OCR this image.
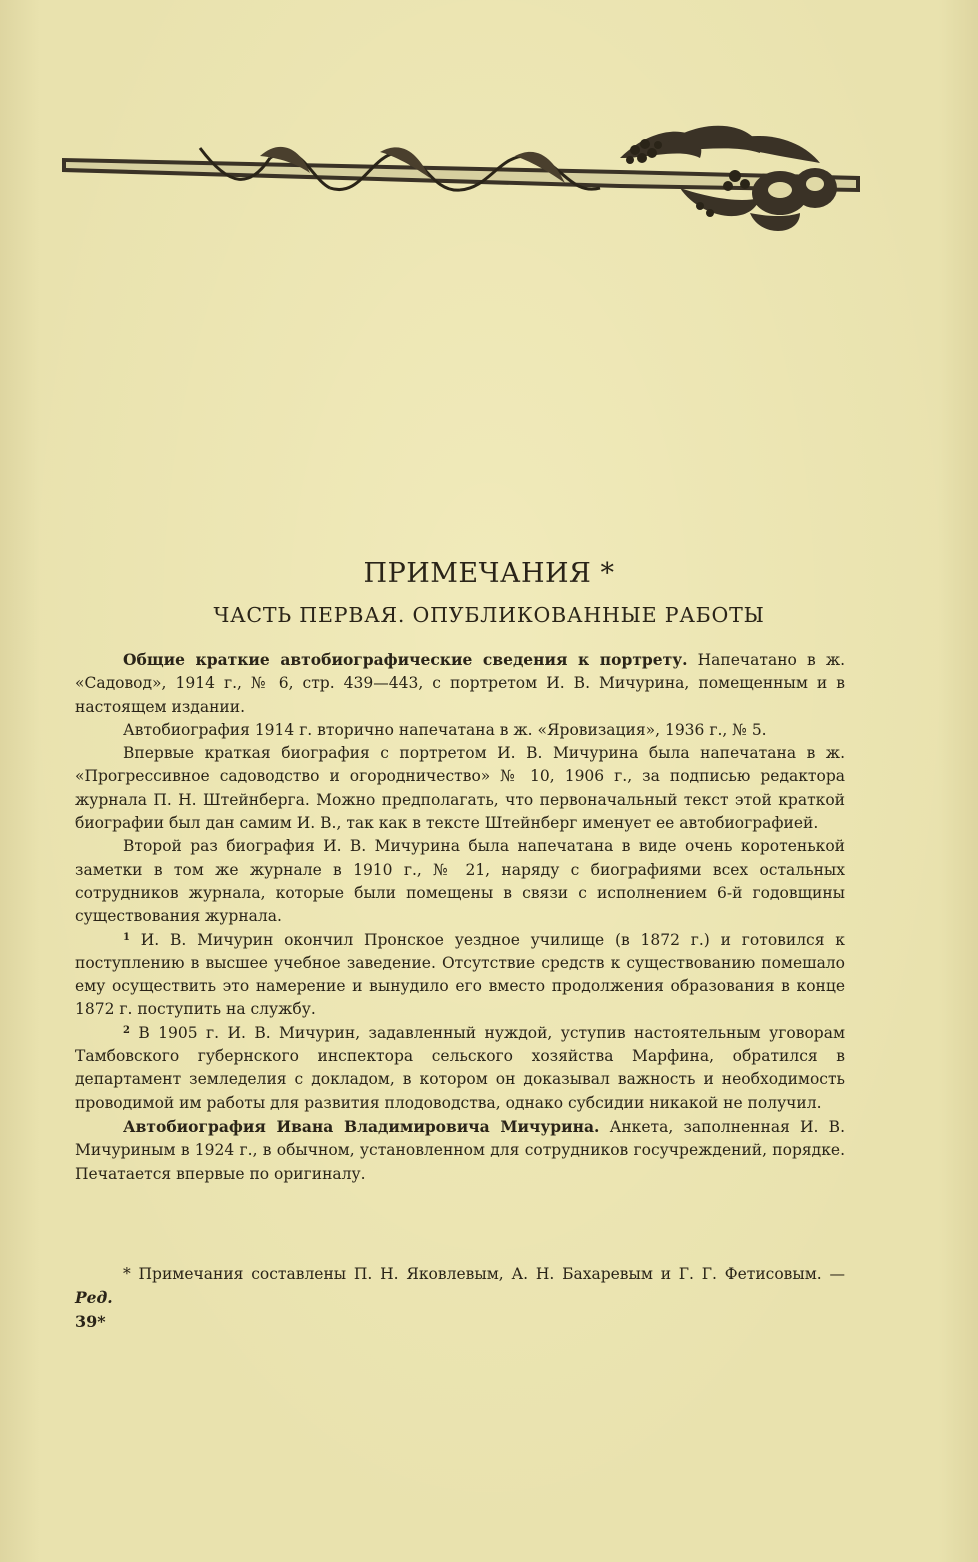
ПРИМЕЧАНИЯ *
ЧАСТЬ ПЕРВАЯ. ОПУБЛИКОВАННЫЕ РАБОТЫ

Общие краткие автобиографические сведения к портрету. Напечатано в ж. «Садовод», 1914 г., № 6, стр. 439—443, с портретом И. В. Мичурина, помещенным и в настоящем издании.

Автобиография 1914 г. вторично напечатана в ж. «Яровизация», 1936 г., № 5.

Впервые краткая биография с портретом И. В. Мичурина была напечатана в ж. «Прогрессивное садоводство и огородничество» № 10, 1906 г., за подписью редактора журнала П. Н. Штейнберга. Можно предполагать, что первоначальный текст этой краткой биографии был дан самим И. В., так как в тексте Штейнберг именует ее автобиографией.

Второй раз биография И. В. Мичурина была напечатана в виде очень коротенькой заметки в том же журнале в 1910 г., № 21, наряду с биографиями всех остальных сотрудников журнала, которые были помещены в связи с исполнением 6-й годовщины существования журнала.

$^1$ И. В. Мичурин окончил Пронское уездное училище (в 1872 г.) и готовился к поступлению в высшее учебное заведение. Отсутствие средств к существованию помешало ему осуществить это намерение и вынудило его вместо продолжения образования в конце 1872 г. поступить на службу.

$^2$ В 1905 г. И. В. Мичурин, задавленный нуждой, уступив настоятельным уговорам Тамбовского губернского инспектора сельского хозяйства Марфина, обратился в департамент земледелия с докладом, в котором он доказывал важность и необходимость проводимой им работы для развития плодоводства, однако субсидии никакой не получил.

Автобиография Ивана Владимировича Мичурина. Анкета, заполненная И. В. Мичуриным в 1924 г., в обычном, установленном для сотрудников госучреждений, порядке. Печатается впервые по оригиналу.

* Примечания составлены П. Н. Яковлевым, А. Н. Бахаревым и Г. Г. Фетисовым. — Ред.

39*
